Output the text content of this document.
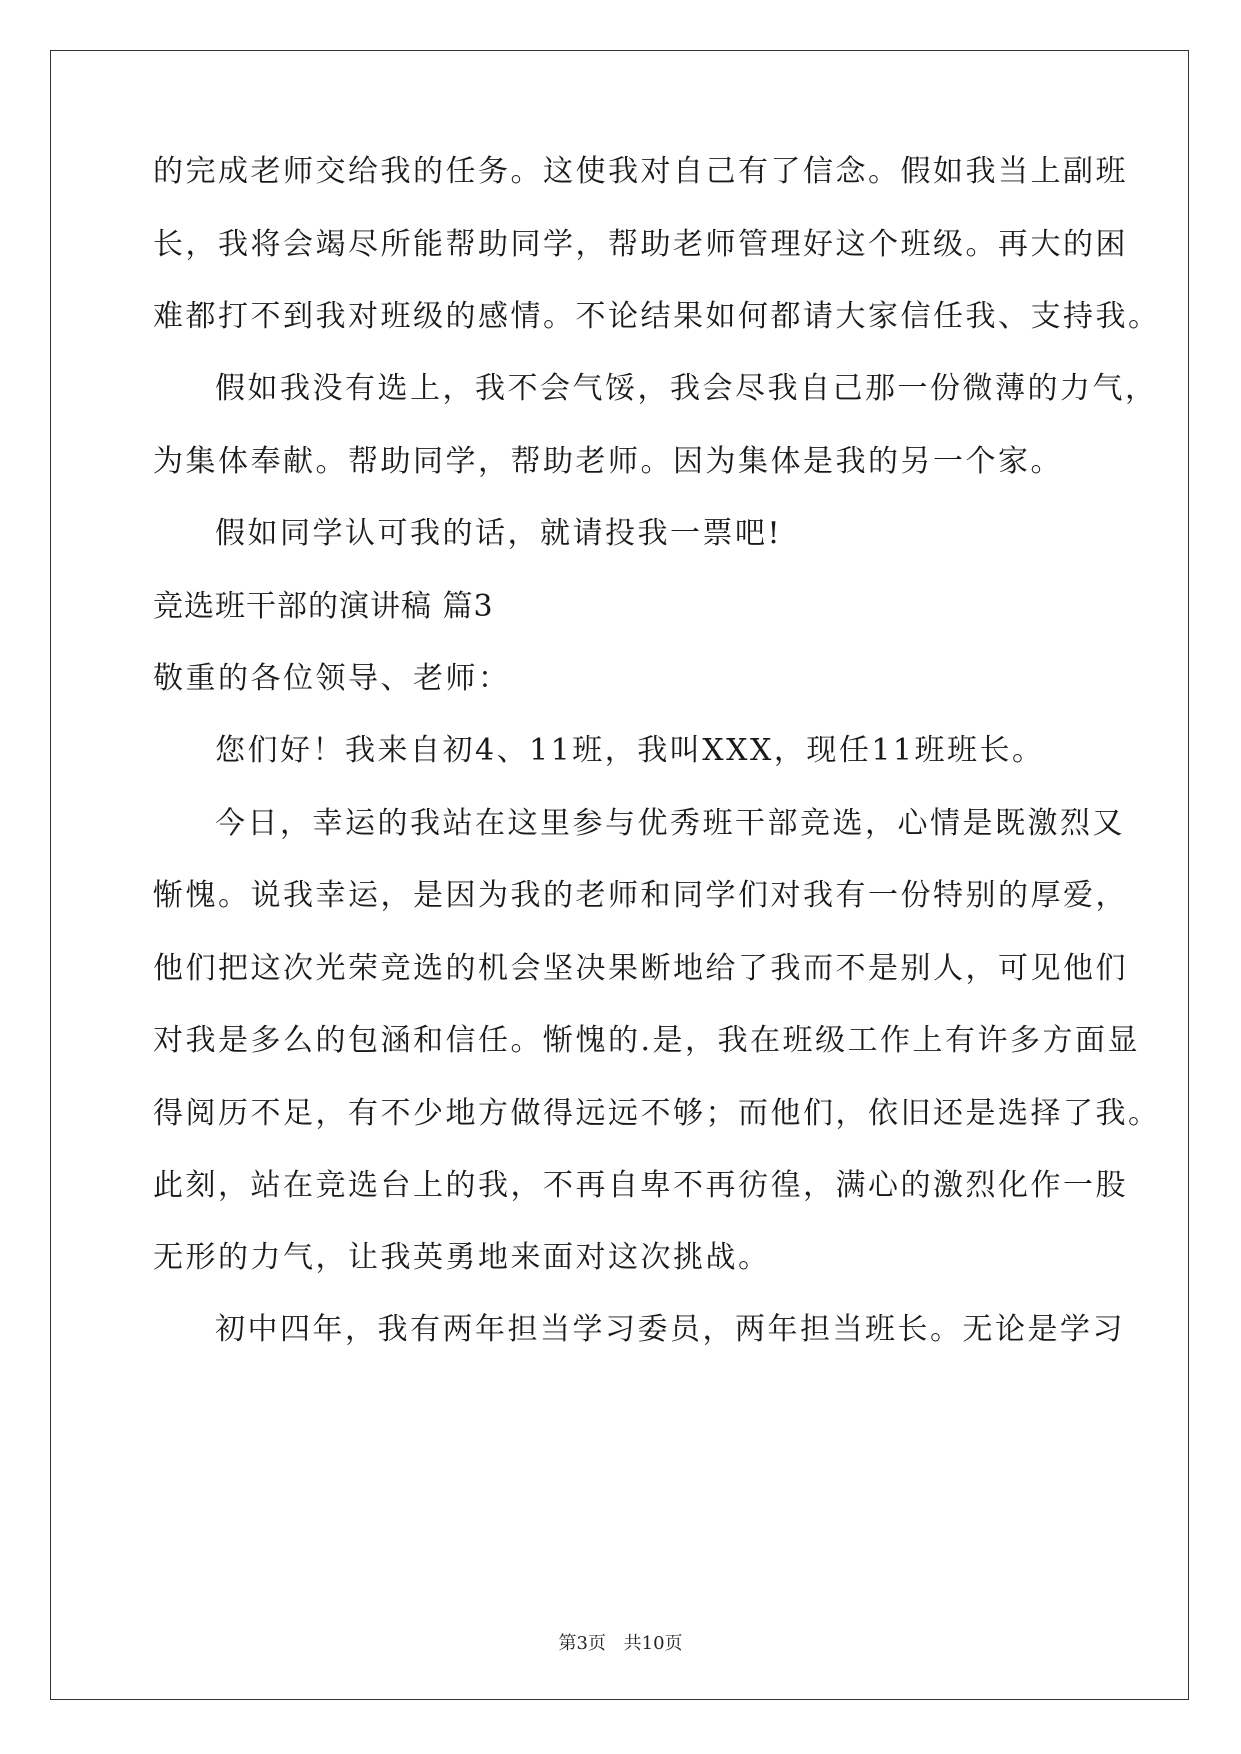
的完成老师交给我的任务。这使我对自己有了信念。假如我当上副班
长，我将会竭尽所能帮助同学，帮助老师管理好这个班级。再大的困
难都打不到我对班级的感情。不论结果如何都请大家信任我、支持我。
假如我没有选上，我不会气馁，我会尽我自己那一份微薄的力气，
为集体奉献。帮助同学，帮助老师。因为集体是我的另一个家。
假如同学认可我的话，就请投我一票吧!
竞选班干部的演讲稿 篇3
敬重的各位领导、老师：
您们好！我来自初4、11班，我叫XXX，现任11班班长。
今日，幸运的我站在这里参与优秀班干部竞选，心情是既激烈又
惭愧。说我幸运，是因为我的老师和同学们对我有一份特别的厚爱，
他们把这次光荣竞选的机会坚决果断地给了我而不是别人，可见他们
对我是多么的包涵和信任。惭愧的.是，我在班级工作上有许多方面显
得阅历不足，有不少地方做得远远不够；而他们，依旧还是选择了我。
此刻，站在竞选台上的我，不再自卑不再彷徨，满心的激烈化作一股
无形的力气，让我英勇地来面对这次挑战。
初中四年，我有两年担当学习委员，两年担当班长。无论是学习
第3页 共10页
